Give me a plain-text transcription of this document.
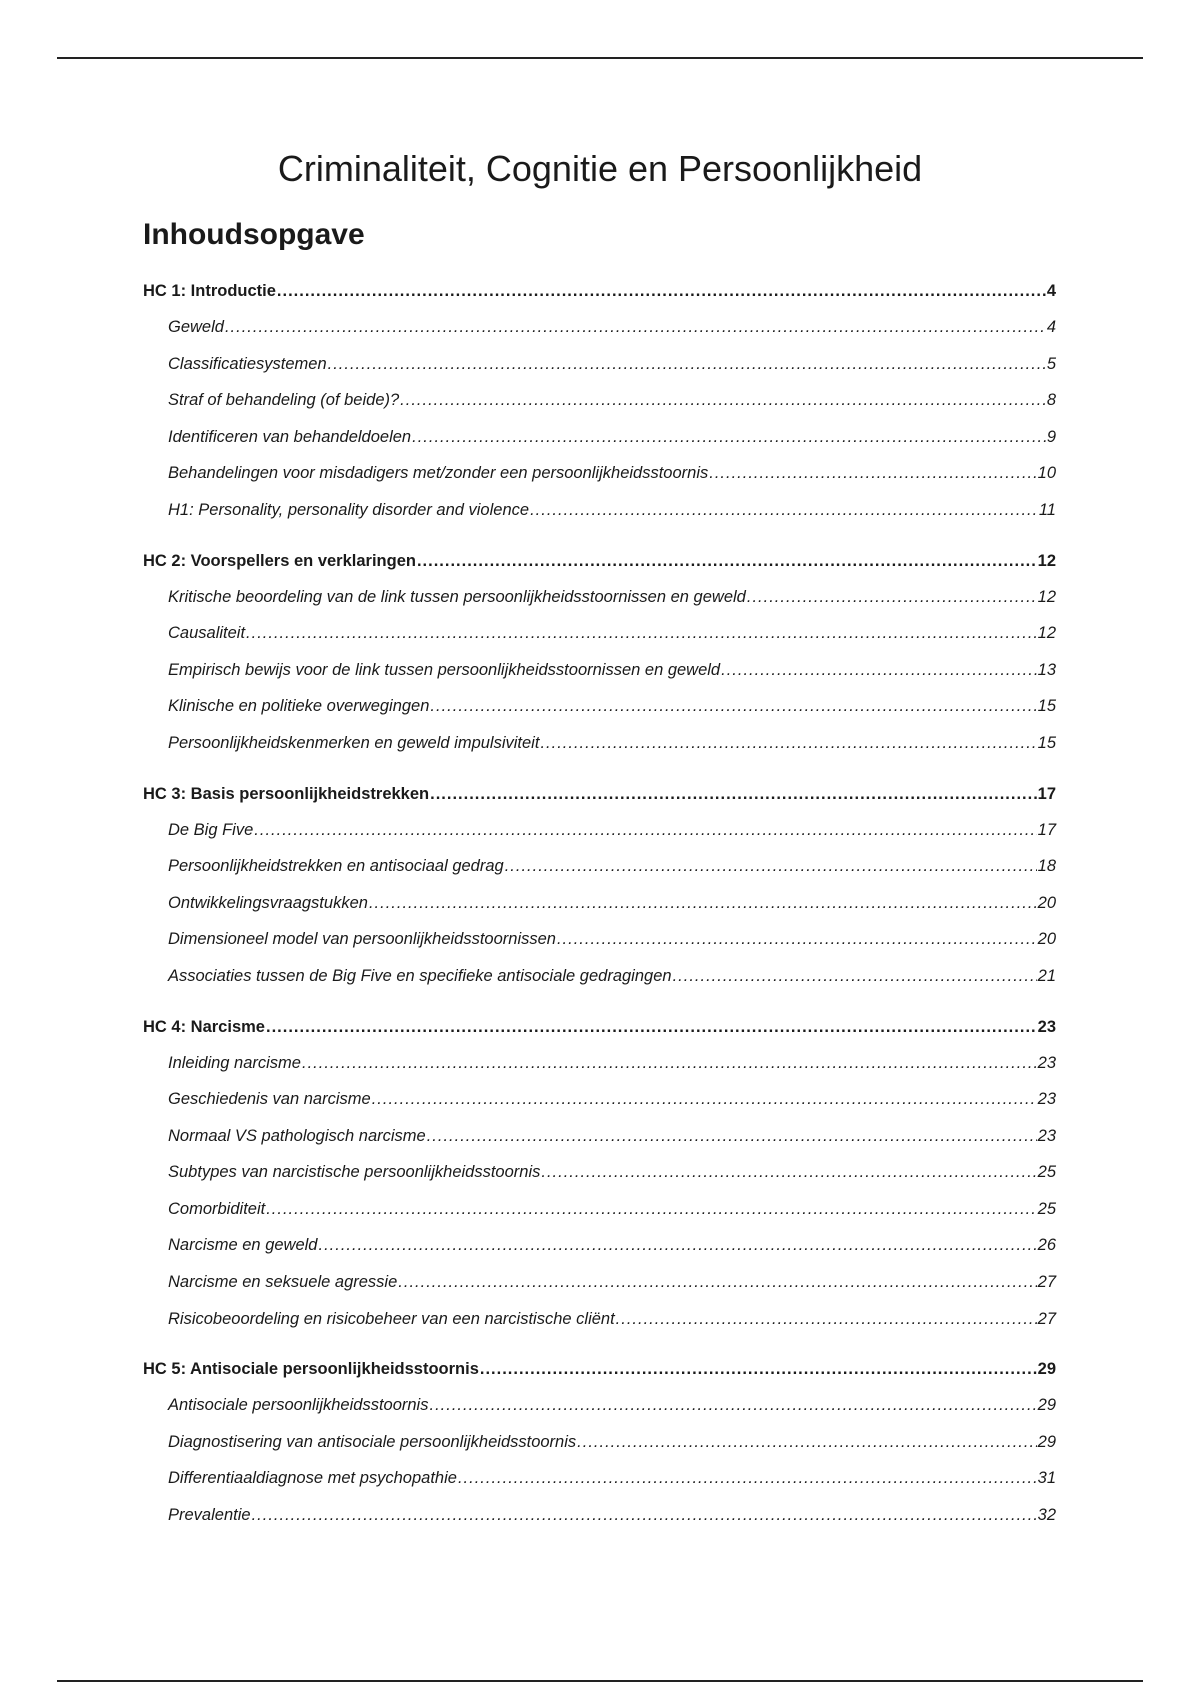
Criminaliteit, Cognitie en Persoonlijkheid
Inhoudsopgave
HC 1: Introductie .....	4
Geweld .....	4
Classificatiesystemen .....	5
Straf of behandeling (of beide)? .....	8
Identificeren van behandeldoelen .....	9
Behandelingen voor misdadigers met/zonder een persoonlijkheidsstoornis .....	10
H1: Personality, personality disorder and violence .....	11
HC 2: Voorspellers en verklaringen .....	12
Kritische beoordeling van de link tussen persoonlijkheidsstoornissen en geweld .....	12
Causaliteit .....	12
Empirisch bewijs voor de link tussen persoonlijkheidsstoornissen en geweld .....	13
Klinische en politieke overwegingen .....	15
Persoonlijkheidskenmerken en geweld impulsiviteit .....	15
HC 3: Basis persoonlijkheidstrekken .....	17
De Big Five .....	17
Persoonlijkheidstrekken en antisociaal gedrag .....	18
Ontwikkelingsvraagstukken .....	20
Dimensioneel model van persoonlijkheidsstoornissen .....	20
Associaties tussen de Big Five en specifieke antisociale gedragingen .....	21
HC 4: Narcisme .....	23
Inleiding narcisme .....	23
Geschiedenis van narcisme .....	23
Normaal VS pathologisch narcisme .....	23
Subtypes van narcistische persoonlijkheidsstoornis .....	25
Comorbiditeit .....	25
Narcisme en geweld .....	26
Narcisme en seksuele agressie .....	27
Risicobeoordeling en risicobeheer van een narcistische cliënt .....	27
HC 5: Antisociale persoonlijkheidsstoornis .....	29
Antisociale persoonlijkheidsstoornis .....	29
Diagnostisering van antisociale persoonlijkheidsstoornis .....	29
Differentiaaldiagnose met psychopathie .....	31
Prevalentie .....	32
